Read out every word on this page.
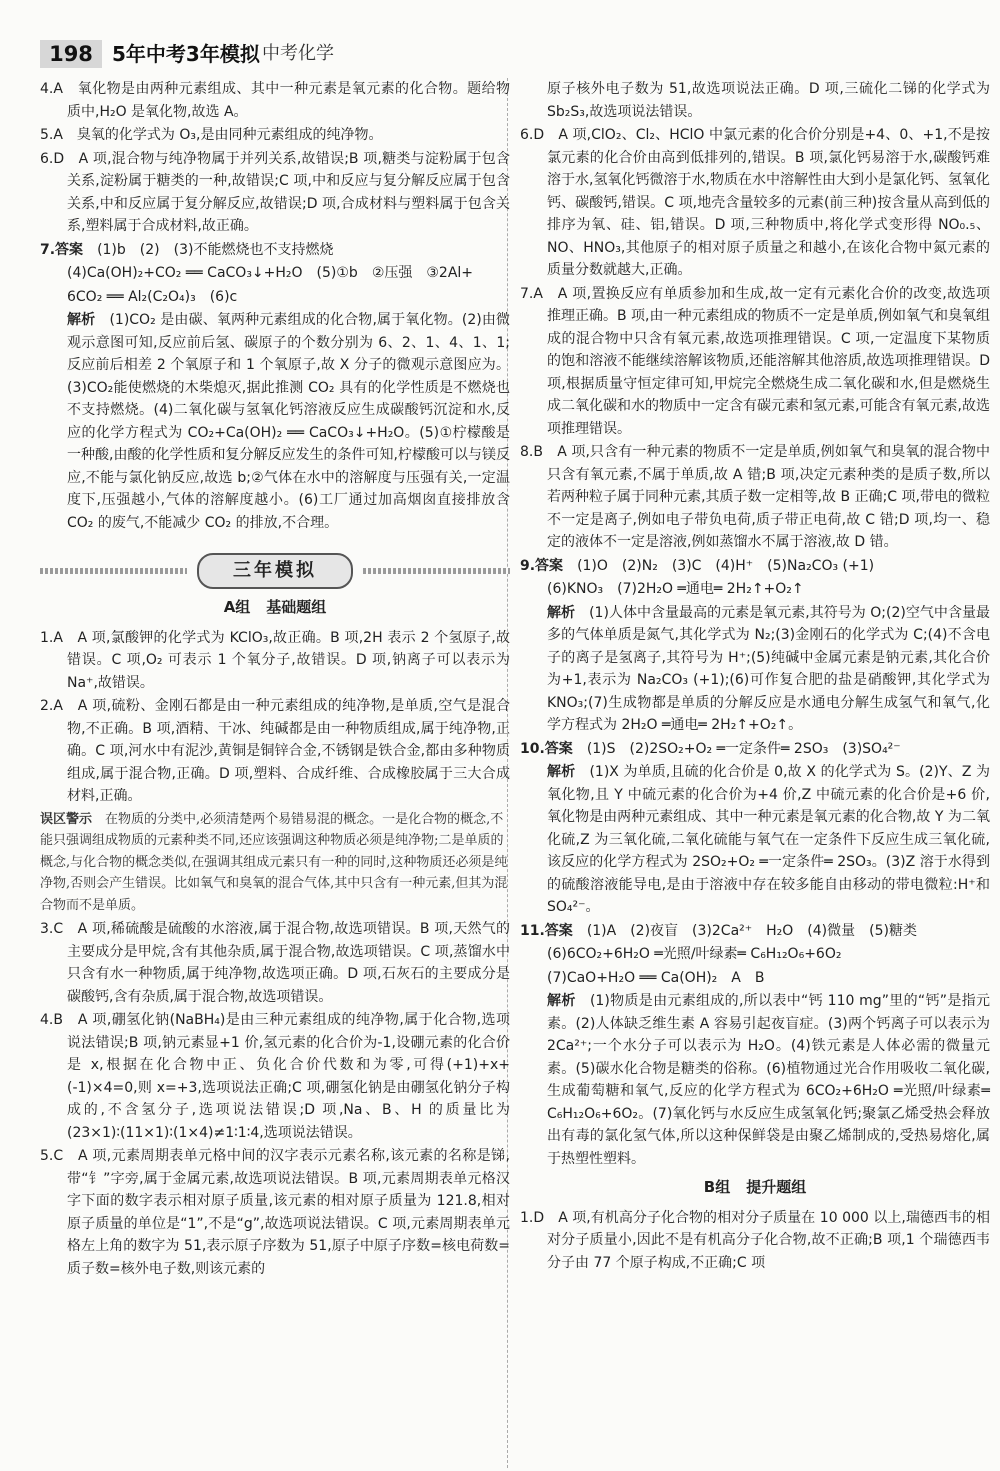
198 5年中考3年模拟 中考化学

4.A　氧化物是由两种元素组成、其中一种元素是氧元素的化合物。题给物质中,H₂O 是氧化物,故选 A。

5.A　臭氧的化学式为 O₃,是由同种元素组成的纯净物。

6.D　A 项,混合物与纯净物属于并列关系,故错误;B 项,糖类与淀粉属于包含关系,淀粉属于糖类的一种,故错误;C 项,中和反应与复分解反应属于包含关系,中和反应属于复分解反应,故错误;D 项,合成材料与塑料属于包含关系,塑料属于合成材料,故正确。

7.答案　 (1)b　(2)　(3)不能燃烧也不支持燃烧

(4)Ca(OH)₂+CO₂ ══ CaCO₃↓+H₂O　(5)①b　②压强　③2Al+

6CO₂ ══ Al₂(C₂O₄)₃　(6)c

解析　 (1)CO₂ 是由碳、氧两种元素组成的化合物,属于氧化物。(2)由微观示意图可知,反应前后氢、碳原子的个数分别为 6、2、1、4、1、1;反应前后相差 2 个氧原子和 1 个氧原子,故 X 分子的微观示意图应为。(3)CO₂能使燃烧的木柴熄灭,据此推测 CO₂ 具有的化学性质是不燃烧也不支持燃烧。(4)二氧化碳与氢氧化钙溶液反应生成碳酸钙沉淀和水,反应的化学方程式为 CO₂+Ca(OH)₂ ══ CaCO₃↓+H₂O。(5)①柠檬酸是一种酸,由酸的化学性质和复分解反应发生的条件可知,柠檬酸可以与镁反应,不能与氯化钠反应,故选 b;②气体在水中的溶解度与压强有关,一定温度下,压强越小,气体的溶解度越小。(6)工厂通过加高烟囱直接排放含 CO₂ 的废气,不能减少 CO₂ 的排放,不合理。

三年模拟
A组 基础题组

1.A　A 项,氯酸钾的化学式为 KClO₃,故正确。B 项,2H 表示 2 个氢原子,故错误。C 项,O₂ 可表示 1 个氧分子,故错误。D 项,钠离子可以表示为 Na⁺,故错误。

2.A　A 项,硫粉、金刚石都是由一种元素组成的纯净物,是单质,空气是混合物,不正确。B 项,酒精、干冰、纯碱都是由一种物质组成,属于纯净物,正确。C 项,河水中有泥沙,黄铜是铜锌合金,不锈钢是铁合金,都由多种物质组成,属于混合物,正确。D 项,塑料、合成纤维、合成橡胶属于三大合成材料,正确。

误区警示　 在物质的分类中,必须清楚两个易错易混的概念。一是化合物的概念,不能只强调组成物质的元素种类不同,还应该强调这种物质必须是纯净物;二是单质的概念,与化合物的概念类似,在强调其组成元素只有一种的同时,这种物质还必须是纯净物,否则会产生错误。比如氧气和臭氧的混合气体,其中只含有一种元素,但其为混合物而不是单质。

3.C　A 项,稀硫酸是硫酸的水溶液,属于混合物,故选项错误。B 项,天然气的主要成分是甲烷,含有其他杂质,属于混合物,故选项错误。C 项,蒸馏水中只含有水一种物质,属于纯净物,故选项正确。D 项,石灰石的主要成分是碳酸钙,含有杂质,属于混合物,故选项错误。

4.B　A 项,硼氢化钠(NaBH₄)是由三种元素组成的纯净物,属于化合物,选项说法错误;B 项,钠元素显+1 价,氢元素的化合价为-1,设硼元素的化合价是 x,根据在化合物中正、负化合价代数和为零,可得(+1)+x+(-1)×4=0,则 x=+3,选项说法正确;C 项,硼氢化钠是由硼氢化钠分子构成的,不含氢分子,选项说法错误;D 项,Na、B、H 的质量比为(23×1)∶(11×1)∶(1×4)≠1∶1∶4,选项说法错误。

5.C　A 项,元素周期表单元格中间的汉字表示元素名称,该元素的名称是锑,带“钅”字旁,属于金属元素,故选项说法错误。B 项,元素周期表单元格汉字下面的数字表示相对原子质量,该元素的相对原子质量为 121.8,相对原子质量的单位是“1”,不是“g”,故选项说法错误。C 项,元素周期表单元格左上角的数字为 51,表示原子序数为 51,原子中原子序数=核电荷数=质子数=核外电子数,则该元素的

原子核外电子数为 51,故选项说法正确。D 项,三硫化二锑的化学式为 Sb₂S₃,故选项说法错误。

6.D　A 项,ClO₂、Cl₂、HClO 中氯元素的化合价分别是+4、0、+1,不是按氯元素的化合价由高到低排列的,错误。B 项,氯化钙易溶于水,碳酸钙难溶于水,氢氧化钙微溶于水,物质在水中溶解性由大到小是氯化钙、氢氧化钙、碳酸钙,错误。C 项,地壳含量较多的元素(前三种)按含量从高到低的排序为氧、硅、铝,错误。D 项,三种物质中,将化学式变形得 NO₀.₅、NO、HNO₃,其他原子的相对原子质量之和越小,在该化合物中氮元素的质量分数就越大,正确。

7.A　A 项,置换反应有单质参加和生成,故一定有元素化合价的改变,故选项推理正确。B 项,由一种元素组成的物质不一定是单质,例如氧气和臭氧组成的混合物中只含有氧元素,故选项推理错误。C 项,一定温度下某物质的饱和溶液不能继续溶解该物质,还能溶解其他溶质,故选项推理错误。D 项,根据质量守恒定律可知,甲烷完全燃烧生成二氧化碳和水,但是燃烧生成二氧化碳和水的物质中一定含有碳元素和氢元素,可能含有氧元素,故选项推理错误。

8.B　A 项,只含有一种元素的物质不一定是单质,例如氧气和臭氧的混合物中只含有氧元素,不属于单质,故 A 错;B 项,决定元素种类的是质子数,所以若两种粒子属于同种元素,其质子数一定相等,故 B 正确;C 项,带电的微粒不一定是离子,例如电子带负电荷,质子带正电荷,故 C 错;D 项,均一、稳定的液体不一定是溶液,例如蒸馏水不属于溶液,故 D 错。

9.答案　 (1)O　(2)N₂　(3)C　(4)H⁺　(5)Na₂CO₃ (+1)

(6)KNO₃　(7)2H₂O ═通电═ 2H₂↑+O₂↑

解析　 (1)人体中含量最高的元素是氧元素,其符号为 O;(2)空气中含量最多的气体单质是氮气,其化学式为 N₂;(3)金刚石的化学式为 C;(4)不含电子的离子是氢离子,其符号为 H⁺;(5)纯碱中金属元素是钠元素,其化合价为+1,表示为 Na₂CO₃ (+1);(6)可作复合肥的盐是硝酸钾,其化学式为 KNO₃;(7)生成物都是单质的分解反应是水通电分解生成氢气和氧气,化学方程式为 2H₂O ═通电═ 2H₂↑+O₂↑。

10.答案　 (1)S　(2)2SO₂+O₂ ═一定条件═ 2SO₃　(3)SO₄²⁻

解析　 (1)X 为单质,且硫的化合价是 0,故 X 的化学式为 S。(2)Y、Z 为氧化物,且 Y 中硫元素的化合价为+4 价,Z 中硫元素的化合价是+6 价,氧化物是由两种元素组成、其中一种元素是氧元素的化合物,故 Y 为二氧化硫,Z 为三氧化硫,二氧化硫能与氧气在一定条件下反应生成三氧化硫,该反应的化学方程式为 2SO₂+O₂ ═一定条件═ 2SO₃。(3)Z 溶于水得到的硫酸溶液能导电,是由于溶液中存在较多能自由移动的带电微粒:H⁺和 SO₄²⁻。

11.答案　 (1)A　(2)夜盲　(3)2Ca²⁺　H₂O　(4)微量　(5)糖类

(6)6CO₂+6H₂O ═光照/叶绿素═ C₆H₁₂O₆+6O₂

(7)CaO+H₂O ══ Ca(OH)₂　A　B

解析　 (1)物质是由元素组成的,所以表中“钙 110 mg”里的“钙”是指元素。(2)人体缺乏维生素 A 容易引起夜盲症。(3)两个钙离子可以表示为 2Ca²⁺;一个水分子可以表示为 H₂O。(4)铁元素是人体必需的微量元素。(5)碳水化合物是糖类的俗称。(6)植物通过光合作用吸收二氧化碳,生成葡萄糖和氧气,反应的化学方程式为 6CO₂+6H₂O ═光照/叶绿素═ C₆H₁₂O₆+6O₂。(7)氧化钙与水反应生成氢氧化钙;聚氯乙烯受热会释放出有毒的氯化氢气体,所以这种保鲜袋是由聚乙烯制成的,受热易熔化,属于热塑性塑料。

B组 提升题组

1.D　A 项,有机高分子化合物的相对分子质量在 10 000 以上,瑞德西韦的相对分子质量小,因此不是有机高分子化合物,故不正确;B 项,1 个瑞德西韦分子由 77 个原子构成,不正确;C 项
